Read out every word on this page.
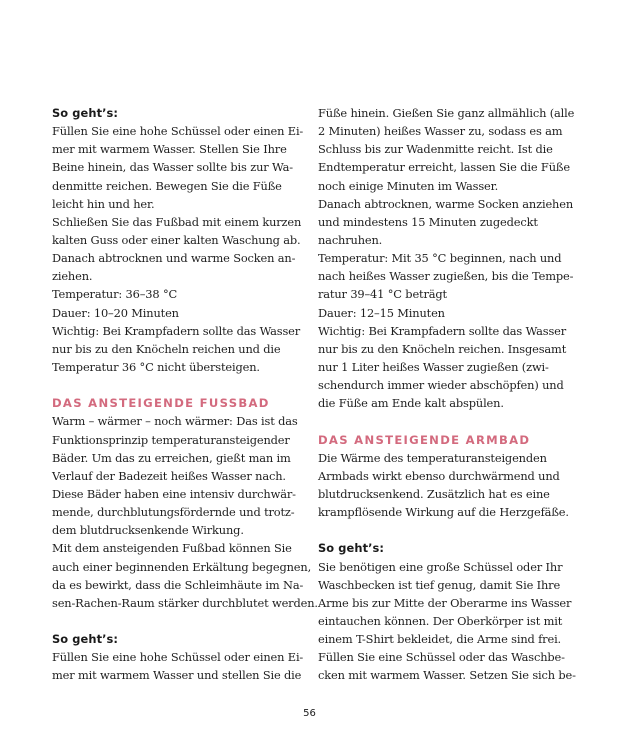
So geht’s:
Füllen Sie eine hohe Schüssel oder einen Ei-
mer mit warmem Wasser. Stellen Sie Ihre
Beine hinein, das Wasser sollte bis zur Wa-
denmitte reichen. Bewegen Sie die Füße
leicht hin und her.
Schließen Sie das Fußbad mit einem kurzen
kalten Guss oder einer kalten Waschung ab.
Danach abtrocknen und warme Socken an-
ziehen.
Temperatur: 36–38 °C
Dauer: 10–20 Minuten
Wichtig: Bei Krampfadern sollte das Wasser
nur bis zu den Knöcheln reichen und die
Temperatur 36 °C nicht übersteigen.
DAS ANSTEIGENDE FUSSBAD
Warm – wärmer – noch wärmer: Das ist das
Funktionsprinzip temperaturansteigender
Bäder. Um das zu erreichen, gießt man im
Verlauf der Badezeit heißes Wasser nach.
Diese Bäder haben eine intensiv durchwär-
mende, durchblutungsfördernde und trotz-
dem blutdrucksenkende Wirkung.
Mit dem ansteigenden Fußbad können Sie
auch einer beginnenden Erkältung begegnen,
da es bewirkt, dass die Schleimhäute im Na-
sen-Rachen-Raum stärker durchblutet werden.
So geht’s:
Füllen Sie eine hohe Schüssel oder einen Ei-
mer mit warmem Wasser und stellen Sie die
Füße hinein. Gießen Sie ganz allmählich (alle
2 Minuten) heißes Wasser zu, sodass es am
Schluss bis zur Wadenmitte reicht. Ist die
Endtemperatur erreicht, lassen Sie die Füße
noch einige Minuten im Wasser.
Danach abtrocknen, warme Socken anziehen
und mindestens 15 Minuten zugedeckt
nachruhen.
Temperatur: Mit 35 °C beginnen, nach und
nach heißes Wasser zugießen, bis die Tempe-
ratur 39–41 °C beträgt
Dauer: 12–15 Minuten
Wichtig: Bei Krampfadern sollte das Wasser
nur bis zu den Knöcheln reichen. Insgesamt
nur 1 Liter heißes Wasser zugießen (zwi-
schendurch immer wieder abschöpfen) und
die Füße am Ende kalt abspülen.
DAS ANSTEIGENDE ARMBAD
Die Wärme des temperaturansteigenden
Armbads wirkt ebenso durchwärmend und
blutdrucksenkend. Zusätzlich hat es eine
krampflösende Wirkung auf die Herzgefäße.
So geht’s:
Sie benötigen eine große Schüssel oder Ihr
Waschbecken ist tief genug, damit Sie Ihre
Arme bis zur Mitte der Oberarme ins Wasser
eintauchen können. Der Oberkörper ist mit
einem T-Shirt bekleidet, die Arme sind frei.
Füllen Sie eine Schüssel oder das Waschbe-
cken mit warmem Wasser. Setzen Sie sich be-
56
